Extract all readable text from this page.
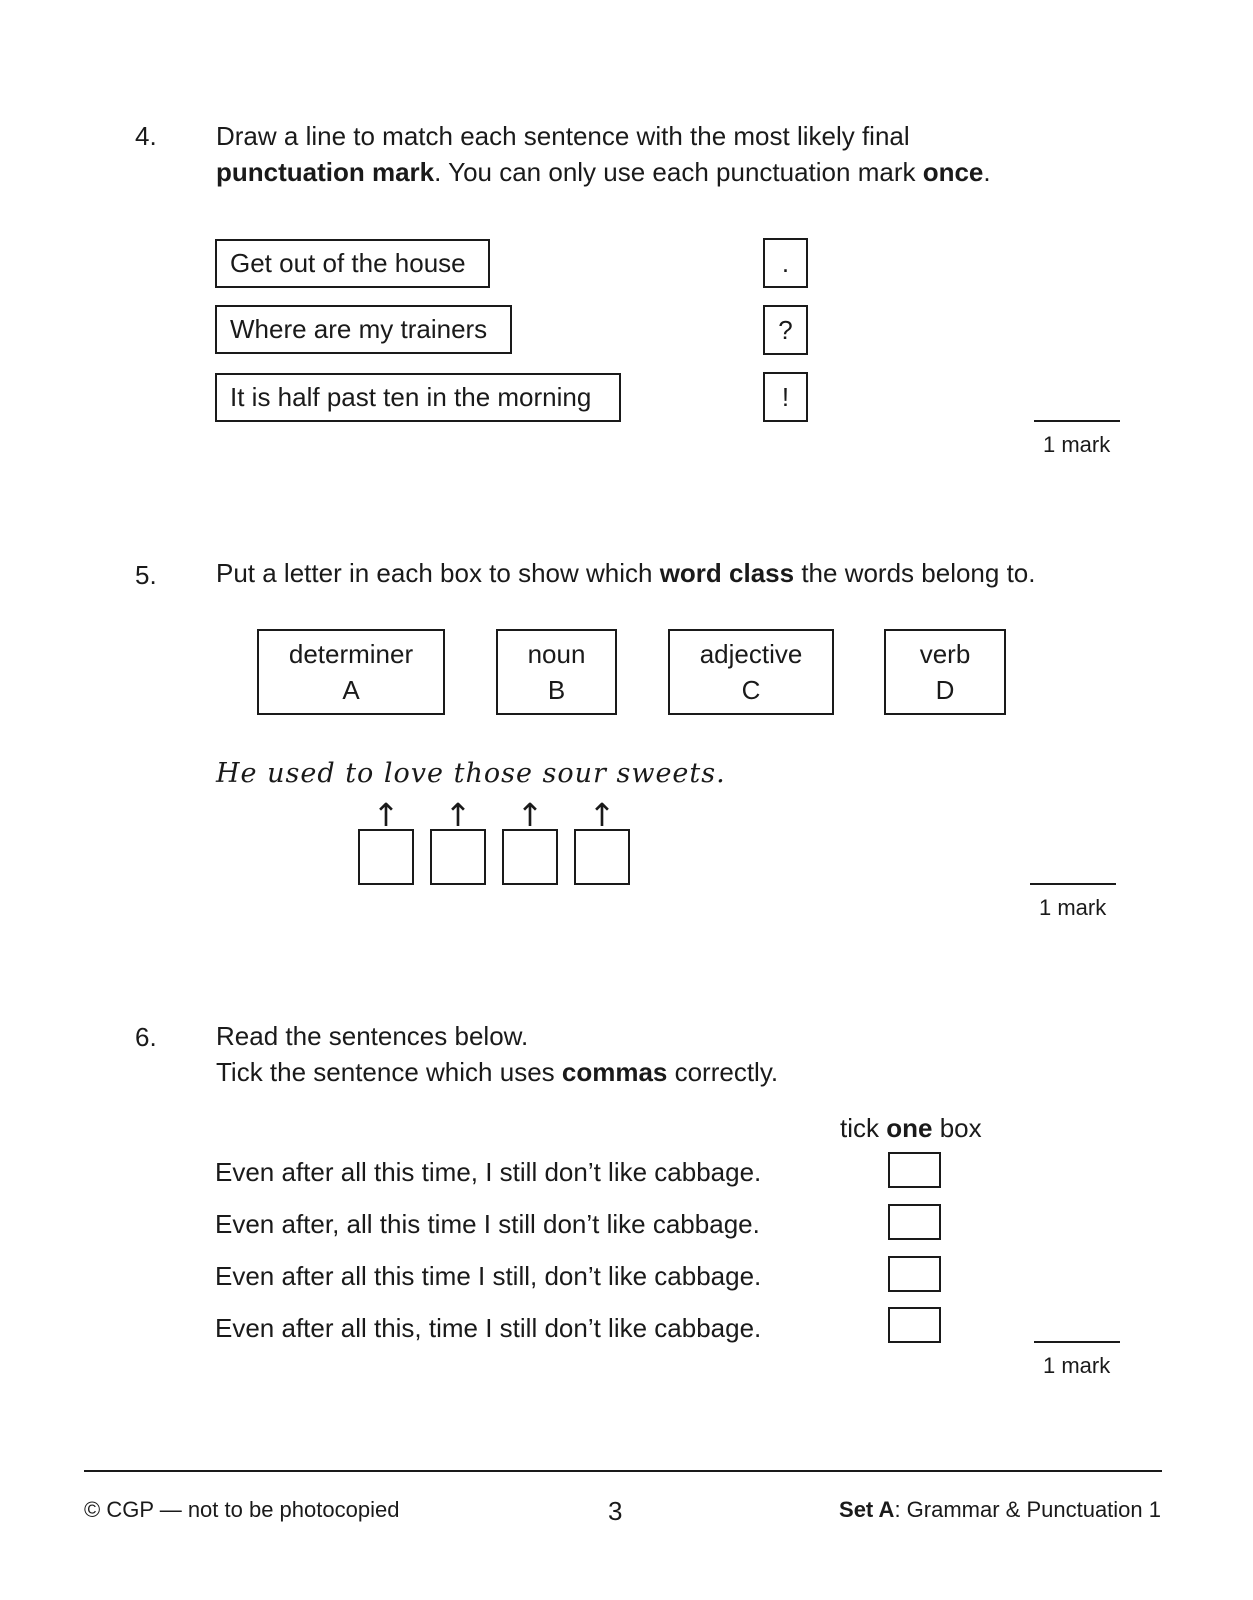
4. Draw a line to match each sentence with the most likely final
punctuation mark. You can only use each punctuation mark once.
Get out of the house
Where are my trainers
It is half past ten in the morning
.
?
!
1 mark
5. Put a letter in each box to show which word class the words belong to.
determiner
A
noun
B
adjective
C
verb
D
He used to love those sour sweets.
↑	↑	↑	↑
1 mark
6. Read the sentences below.
Tick the sentence which uses commas correctly.
tick one box
Even after all this time, I still don’t like cabbage.
Even after, all this time I still don’t like cabbage.
Even after all this time I still, don’t like cabbage.
Even after all this, time I still don’t like cabbage.
1 mark
© CGP — not to be photocopied	3	Set A: Grammar & Punctuation 1
